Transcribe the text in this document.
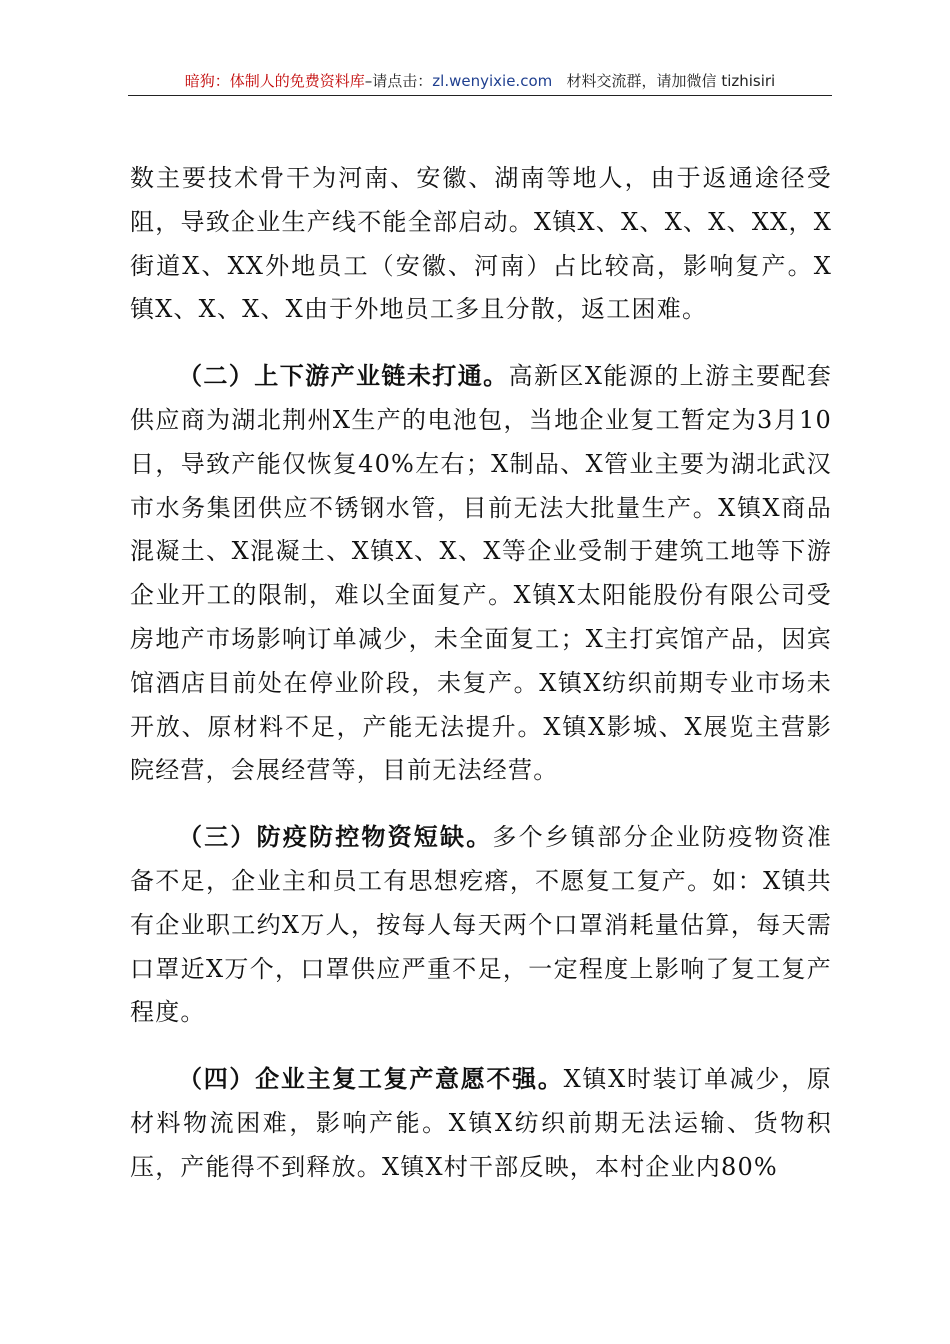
暗狗：体制人的免费资料库–请点击：zl.wenyixie.com 材料交流群，请加微信 tizhisiri

数主要技术骨干为河南、安徽、湖南等地人，由于返通途径受阻，导致企业生产线不能全部启动。X镇X、X、X、X、XX，X街道X、XX外地员工（安徽、河南）占比较高，影响复产。X镇X、X、X、X由于外地员工多且分散，返工困难。

（二）上下游产业链未打通。高新区X能源的上游主要配套供应商为湖北荆州X生产的电池包，当地企业复工暂定为3月10日，导致产能仅恢复40%左右；X制品、X管业主要为湖北武汉市水务集团供应不锈钢水管，目前无法大批量生产。X镇X商品混凝土、X混凝土、X镇X、X、X等企业受制于建筑工地等下游企业开工的限制，难以全面复产。X镇X太阳能股份有限公司受房地产市场影响订单减少，未全面复工；X主打宾馆产品，因宾馆酒店目前处在停业阶段，未复产。X镇X纺织前期专业市场未开放、原材料不足，产能无法提升。X镇X影城、X展览主营影院经营，会展经营等，目前无法经营。

（三）防疫防控物资短缺。多个乡镇部分企业防疫物资准备不足，企业主和员工有思想疙瘩，不愿复工复产。如：X镇共有企业职工约X万人，按每人每天两个口罩消耗量估算，每天需口罩近X万个，口罩供应严重不足，一定程度上影响了复工复产程度。

（四）企业主复工复产意愿不强。X镇X时装订单减少，原材料物流困难，影响产能。X镇X纺织前期无法运输、货物积压，产能得不到释放。X镇X村干部反映，本村企业内80%
